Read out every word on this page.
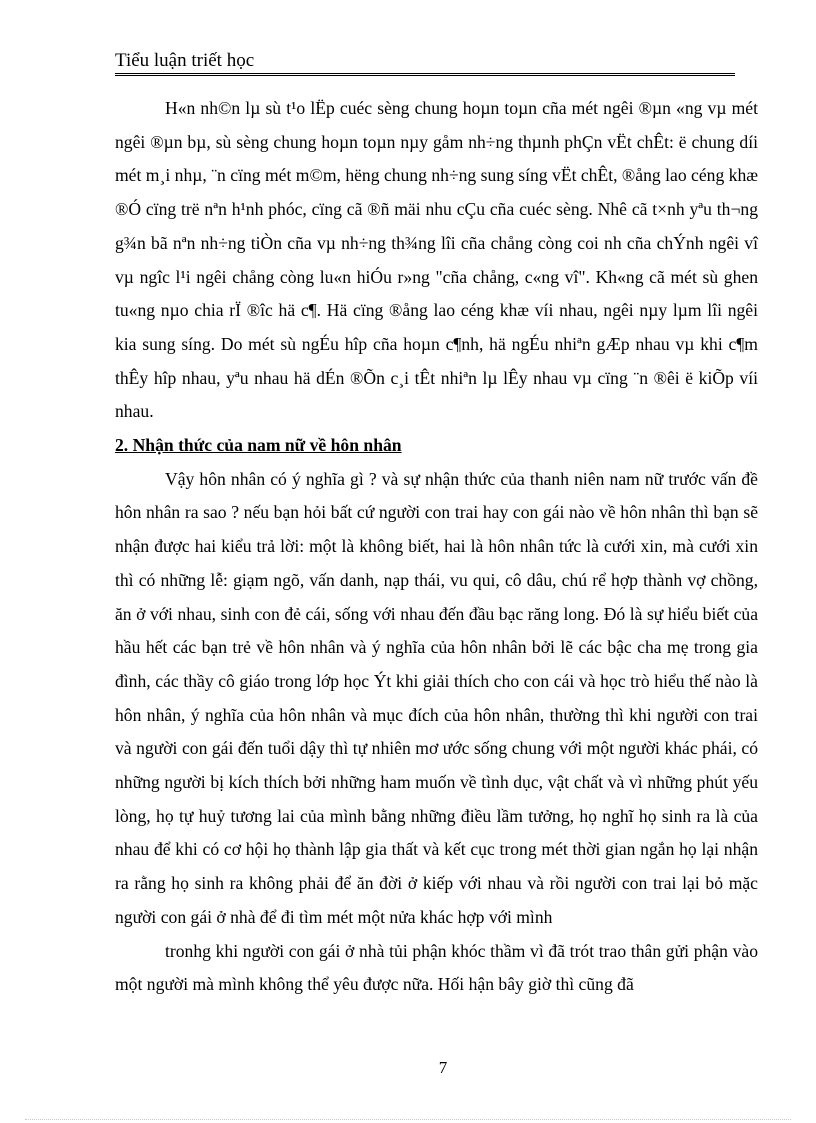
Tiểu luận triết học

H«n nh©n lµ sù t¹o lËp cuéc sèng chung hoµn toµn cña mét ngêi ®µn «ng vµ mét ngêi ®µn bµ, sù sèng chung hoµn toµn nµy gåm nh÷ng thµnh phÇn vËt chÊt: ë chung díi mét m¸i nhµ, ¨n cïng mét m©m, hëng chung nh÷ng sung síng vËt chÊt, ®ång lao céng khæ ®Ó cïng trë nªn h¹nh phóc, cïng cã ®ñ mäi nhu cÇu cña cuéc sèng. Nhê cã t×nh yªu th¬ng g¾n bã nªn nh÷ng tiÒn cña vµ nh÷ng th¾ng lîi cña chång còng coi nh cña chÝnh ngêi vî vµ ngîc l¹i ngêi chång còng lu«n hiÓu r»ng "cña chång, c«ng vî". Kh«ng cã mét sù ghen tu«ng nµo chia rÏ ®îc hä c¶. Hä cïng ®ång lao céng khæ víi nhau, ngêi nµy lµm lîi ngêi kia sung síng. Do mét sù ngÉu hîp cña hoµn c¶nh, hä ngÉu nhiªn gÆp nhau vµ khi c¶m thÊy hîp nhau, yªu nhau hä dÉn ®Õn c¸i tÊt nhiªn lµ lÊy nhau vµ cïng ¨n ®êi ë kiÕp víi nhau.

2. Nhận thức của nam nữ về hôn nhân

Vậy hôn nhân có ý nghĩa gì ? và sự nhận thức của thanh niên nam nữ trước vấn đề hôn nhân ra sao ? nếu bạn hỏi bất cứ người con trai hay con gái nào về hôn nhân thì bạn sẽ nhận được hai kiểu trả lời: một là không biết, hai là hôn nhân tức là cưới xin, mà cưới xin thì có những lễ: giạm ngõ, vấn danh, nạp thái, vu qui, cô dâu, chú rể hợp thành vợ chồng, ăn ở với nhau, sinh con đẻ cái, sống với nhau đến đầu bạc răng long. Đó là sự hiểu biết của hầu hết các bạn trẻ về hôn nhân và ý nghĩa của hôn nhân bởi lẽ các bậc cha mẹ trong gia đình, các thầy cô giáo trong lớp học Ýt khi giải thích cho con cái và học trò hiểu thế nào là hôn nhân, ý nghĩa của hôn nhân và mục đích của hôn nhân, thường thì khi người con trai và người con gái đến tuổi dậy thì tự nhiên mơ ước sống chung với một người khác phái, có những người bị kích thích bởi những ham muốn về tình dục, vật chất và vì những phút yếu lòng, họ tự huỷ tương lai của mình bằng những điều lầm tưởng, họ nghĩ họ sinh ra là của nhau để khi có cơ hội họ thành lập gia thất và kết cục trong mét thời gian ngắn họ lại nhận ra rằng họ sinh ra không phải để ăn đời ở kiếp với nhau và rồi người con trai lại bỏ mặc người con gái ở nhà để đi tìm mét một nửa khác hợp với mình

tronhg khi người con gái ở nhà tủi phận khóc thầm vì đã trót trao thân gửi phận vào một người mà mình không thể yêu được nữa. Hối hận bây giờ thì cũng đã

7
